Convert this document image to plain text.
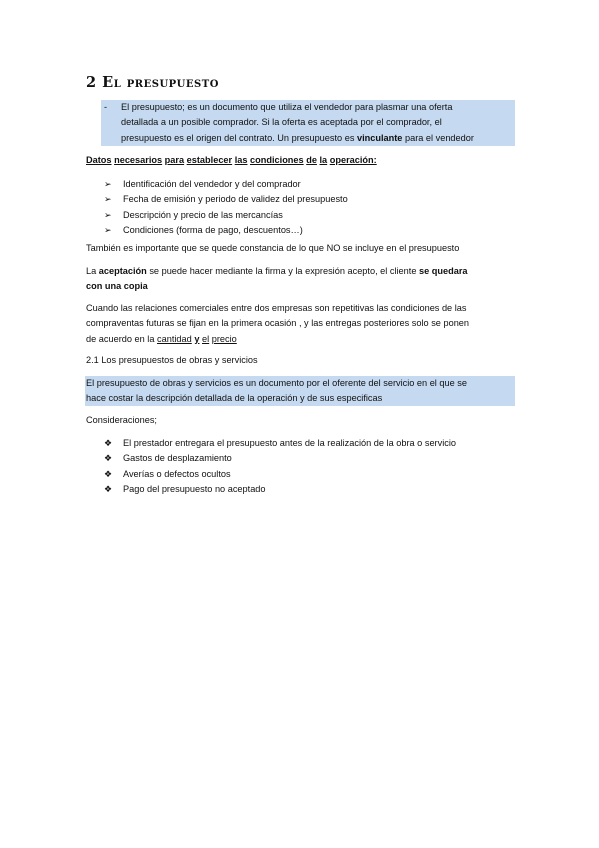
2 El presupuesto
- El presupuesto; es un documento que utiliza el vendedor para plasmar una oferta
detallada a un posible comprador. Si la oferta es aceptada por el comprador, el
presupuesto es el origen del contrato. Un presupuesto es vinculante para el vendedor
Datos necesarios para establecer las condiciones de la operación:
➢ Identificación del vendedor y del comprador
➢ Fecha de emisión y periodo de validez del presupuesto
➢ Descripción y precio de las mercancías
➢ Condiciones (forma de pago, descuentos…)
También es importante que se quede constancia de lo que NO se incluye en el presupuesto
La aceptación se puede hacer mediante la firma y la expresión acepto, el cliente se quedara
con una copia
Cuando las relaciones comerciales entre dos empresas son repetitivas las condiciones de las
compraventas futuras se fijan en la primera ocasión , y las entregas posteriores solo se ponen
de acuerdo en la cantidad y el precio
2.1 Los presupuestos de obras y servicios
El presupuesto de obras y servicios es un documento por el oferente del servicio en el que se
hace costar la descripción detallada de la operación y de sus especificas
Consideraciones;
❖ El prestador entregara el presupuesto antes de la realización de la obra o servicio
❖ Gastos de desplazamiento
❖ Averías o defectos ocultos
❖ Pago del presupuesto no aceptado
